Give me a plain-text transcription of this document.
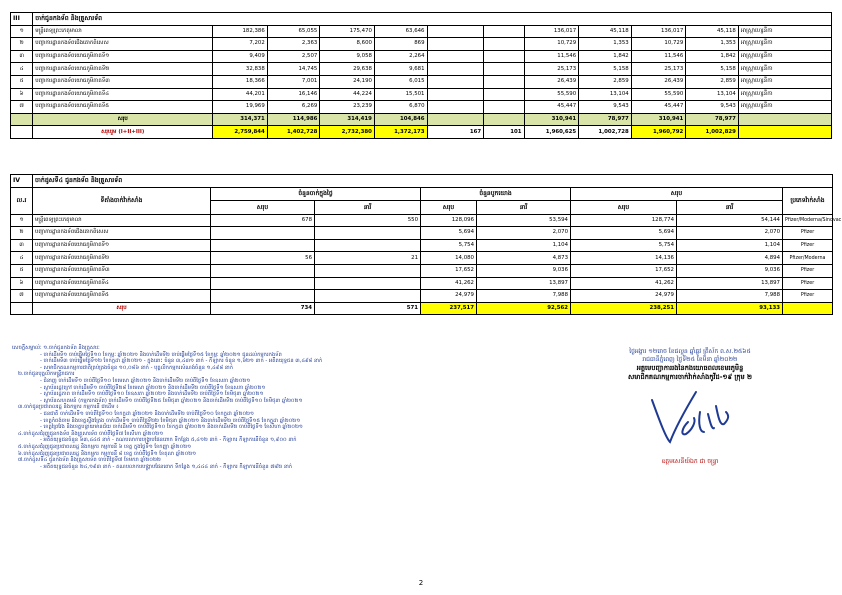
III	ចាក់ជូនកងទ័ព និងគ្រួសារទ័ព											
១	មន្ត្រីពេទ្យព្រះកេតុមាលា	182,386	65,055	175,470	63,646			136,017	45,118	136,017	45,118	អាស្ត្រាហ្សេនីកា
២	បញ្ជាការដ្ឋានកងទ័ពជើងគោកពិសេស	7,202	2,363	8,600	869			10,729	1,353	10,729	1,353	អាស្ត្រាហ្សេនីកា
៣	បញ្ជាការដ្ឋានកងទ័ពយោធភូមិភាគទី១	9,409	2,507	9,058	2,264			11,546	1,842	11,546	1,842	អាស្ត្រាហ្សេនីកា
៤	បញ្ជាការដ្ឋានកងទ័ពយោធភូមិភាគទី២	32,838	14,745	29,638	9,681			25,173	5,158	25,173	5,158	អាស្ត្រាហ្សេនីកា
៥	បញ្ជាការដ្ឋានកងទ័ពយោធភូមិភាគទី៣	18,366	7,001	24,190	6,015			26,439	2,859	26,439	2,859	អាស្ត្រាហ្សេនីកា
៦	បញ្ជាការដ្ឋានកងទ័ពយោធភូមិភាគទី៤	44,201	16,146	44,224	15,501			55,590	13,104	55,590	13,104	អាស្ត្រាហ្សេនីកា
៧	បញ្ជាការដ្ឋានកងទ័ពយោធភូមិភាគទី៥	19,969	6,269	23,239	6,870			45,447	9,543	45,447	9,543	អាស្ត្រាហ្សេនីកា
	សរុប	314,371	114,986	314,419	104,846			310,941	78,977	310,941	78,977	
	សរុបរួម (I+II+III)	2,759,844	1,402,728	2,732,380	1,372,173	167	101	1,960,625	1,002,728	1,960,792	1,002,829	
IV	ចាក់ដូសទី៤ ជូនកងទ័ព និងគ្រួសារទ័ព							
ល.រ	ទីតាំងចាក់វ៉ាក់សាំង	ចំនួនចាក់ក្នុងថ្ងៃ		ចំនួនបូកយោង		សរុប		ប្រភេទវ៉ាក់សាំង
		សរុប	នារី	សរុប	នារី	សរុប	នារី	
១	មន្ត្រីពេទ្យព្រះកេតុមាលា	678	550	128,096	53,594	128,774	54,144	Pfizer/Moderna/Sinovac
២	បញ្ជាការដ្ឋានកងទ័ពជើងគោកពិសេស			5,694	2,070	5,694	2,070	Pfizer
៣	បញ្ជាការដ្ឋានកងទ័ពយោធភូមិភាគទី១			5,754	1,104	5,754	1,104	Pfizer
៤	បញ្ជាការដ្ឋានកងទ័ពយោធភូមិភាគទី២	56	21	14,080	4,873	14,136	4,894	Pfizer/Moderna
៥	បញ្ជាការដ្ឋានកងទ័ពយោធភូមិភាគទី៣			17,652	9,036	17,652	9,036	Pfizer
៦	បញ្ជាការដ្ឋានកងទ័ពយោធភូមិភាគទី៤			41,262	13,897	41,262	13,897	Pfizer
៧	បញ្ជាការដ្ឋានកងទ័ពយោធភូមិភាគទី៥			24,979	7,988	24,979	7,988	Pfizer
	សរុប	734	571	237,517	92,562	238,251	93,133	
សេចក្តីសម្គាល់ៈ ១.ចាក់ជូនកងទ័ព និងគ្រួសារៈ
- ចាក់ដើមទី១ ចាប់ផ្តើមថ្ងៃទី១០ ខែកុម្ភៈ ឆ្នាំ២០២១ និងចាក់ដើមទី២ ចាប់ផ្តើមថ្ងៃទី១៥ ខែកុម្ភៈ ឆ្នាំ២០២១ ជូនដល់កម្មករកងទ័ព
- ចាក់ដើមទី៣ ចាប់ផ្តើមថ្ងៃទី១២ ខែកក្កដា ឆ្នាំ២០២១ - ក្នុងនោះ ចំនួន ៣,៤៣១ នាក់ - កីឡាករ ចំនួន ១,៦២១ នាក់ - អតីតយុទ្ធជន ៣,៤៩៨ នាក់
- សមាជិកគណកម្មការជាតិគ្រប់គ្រងចំនួន ១០,០៨៦ នាក់ - បុគ្គលិកកម្មករសំណង់ចំនួន ១,៤៩៨ នាក់
២.ចាក់ជូនបុគ្គលិកមន្ត្រីរាជការ
- ជំនាញ ចាក់ដើមទី១ ចាប់ពីថ្ងៃទី១០ ខែមេសា ឆ្នាំ២០២១ និងចាក់ដើមទី២ ចាប់ពីថ្ងៃទី១ ខែឧសភា ឆ្នាំ២០២១
- ស្ថាប័នរដ្ឋ(ក្រៅ ចាក់ដើមទី១ ចាប់ពីថ្ងៃទី២៨ ខែមេសា ឆ្នាំ២០២១ និងចាក់ដើមទី២ ចាប់ពីថ្ងៃទី១ ខែឧសភា ឆ្នាំ២០២១
- ស្ថាប័នរដ្ឋភាព ចាក់ដើមទី១ ចាប់ពីថ្ងៃទី១០ ខែឧសភា ឆ្នាំ២០២១ និងចាក់ដើមទី២ ចាប់ពីថ្ងៃទី១ ខែមិថុនា ឆ្នាំ២០២១
- ស្ថាប័នសហគមន៍ (កម្មករកងទ័ព) ចាក់ដើមទី១ ចាប់ពីថ្ងៃទី២៥ ខែមិថុនា ឆ្នាំ២០២១ និងចាក់ដើមទី២ ចាប់ពីថ្ងៃទី១០ ខែមិថុនា ឆ្នាំ២០២១
៣.ចាក់ជូនប្រជាពលរដ្ឋ និងកម្មករ កម្មការនី ជាដើម ៖
- ជនជាតិ ចាក់ដើមទី១ ចាប់ពីថ្ងៃទី១០ ខែកក្កដា ឆ្នាំ២០២១ និងចាក់ដើមទី២ ចាប់ពីថ្ងៃទី១០ ខែកក្កដា ឆ្នាំ២០២១
- ខេត្តកំពង់ចាម និងខេត្តស្ទឹងត្រែង ចាក់ដើមទី១ ចាប់ពីថ្ងៃទី២២ ខែមិថុនា ឆ្នាំ២០២១ និងចាក់ដើមទី២ ចាប់ពីថ្ងៃទី១៥ ខែកក្កដា ឆ្នាំ២០២១
- ខេត្តព្រៃវែង និងខេត្តបន្ទាយមានជ័យ ចាក់ដើមទី១ ចាប់ពីថ្ងៃទី១០ ខែកក្កដា ឆ្នាំ២០២១ និងចាក់ដើមទី២ ចាប់ពីថ្ងៃទី១ ខែសីហា ឆ្នាំ២០២១
៤.ចាក់ដូសជំរុញជូនកងទ័ព និងគ្រួសារទ័ព ចាប់ពីថ្ងៃទី៧ ខែសីហា ឆ្នាំ២០២១
- អតីតយុទ្ធជនចំនួន ៦៣,៤៤៥ នាក់ - គណបលាការបង្ក្រាបផែនពោក ទីកន្លែង ៥,៤១២ នាក់ - កីឡាករ កីឡាការនីចំនួន ១,៩០០ នាក់
៥.ចាក់ដូសជំរុញជូនប្រជាពលរដ្ឋ និងកម្មករ កម្មការនី ៦ ខេត្ត ក្នុងថ្ងៃទី១ ខែកញ្ញា ឆ្នាំ២០២១
៦.ចាក់ដូសជំរុញជូនប្រជាពលរដ្ឋ និងកម្មករ កម្មការនី ៨ ខេត្ត ចាប់ពីថ្ងៃទី១ ខែតុលា ឆ្នាំ២០២១
៧.ចាក់ដូសទី៤ ជូនកងទ័ព និងគ្រួសារទ័ព ចាប់ពីថ្ងៃទី៧ ខែមករា ឆ្នាំ២០២២
- អតីតយុទ្ធជនចំនួន ២៤,១៩៣ នាក់ - គណបលាការបង្ក្រាបផែនពោក ទីកន្លែង ១,៤៤៤ នាក់ - កីឡាករ កីឡាការនីចំនួន ៧៩២ នាក់
ថ្ងៃអង្គារ ១២រោច ខែផល្គុន ឆ្នាំឆ្លូវ ត្រីស័ក ព.ស.២៥៦៥
រាជធានីភ្នំពេញ ថ្ងៃទី២៥ ខែមីនា ឆ្នាំ២០២២
អគ្គមេបញ្ជាការរងនៃកងយោធពលខេមរភូមិន្ទ
សមាជិកគណកម្មការចាក់វ៉ាក់សាំងកូវីដ-១៩ ក្រុម ២
ឧត្តមសេនីយ៍ឯក ជា ចន្ទ្រា
2
